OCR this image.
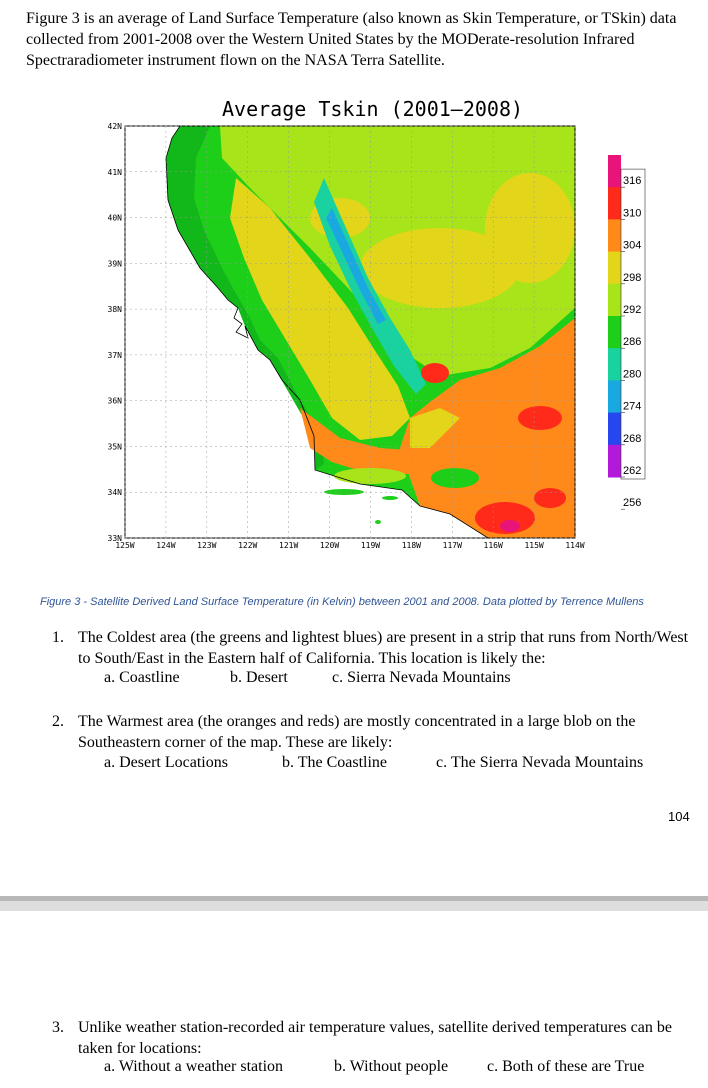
Figure 3 is an average of Land Surface Temperature (also known as Skin Temperature, or TSkin) data collected from 2001-2008 over the Western United States by the MODerate-resolution Infrared Spectraradiometer instrument flown on the NASA Terra Satellite.
Average Tskin (2001–2008)
42N
41N
40N
39N
38N
37N
36N
35N
34N
33N
125W	124W	123W	122W	121W	120W	119W	118W	117W	116W	115W	114W
316
310
304
298
292
286
280
274
268
262
256
Figure 3 - Satellite Derived Land Surface Temperature (in Kelvin) between 2001 and 2008. Data plotted by Terrence Mullens
1. The Coldest area (the greens and lightest blues) are present in a strip that runs from North/West to South/East in the Eastern half of California. This location is likely the:
a. Coastline	b. Desert	c. Sierra Nevada Mountains
2. The Warmest area (the oranges and reds) are mostly concentrated in a large blob on the Southeastern corner of the map. These are likely:
a. Desert Locations	b. The Coastline	c. The Sierra Nevada Mountains
104
3. Unlike weather station-recorded air temperature values, satellite derived temperatures can be taken for locations:
a. Without a weather station	b. Without people c. Both of these are True
